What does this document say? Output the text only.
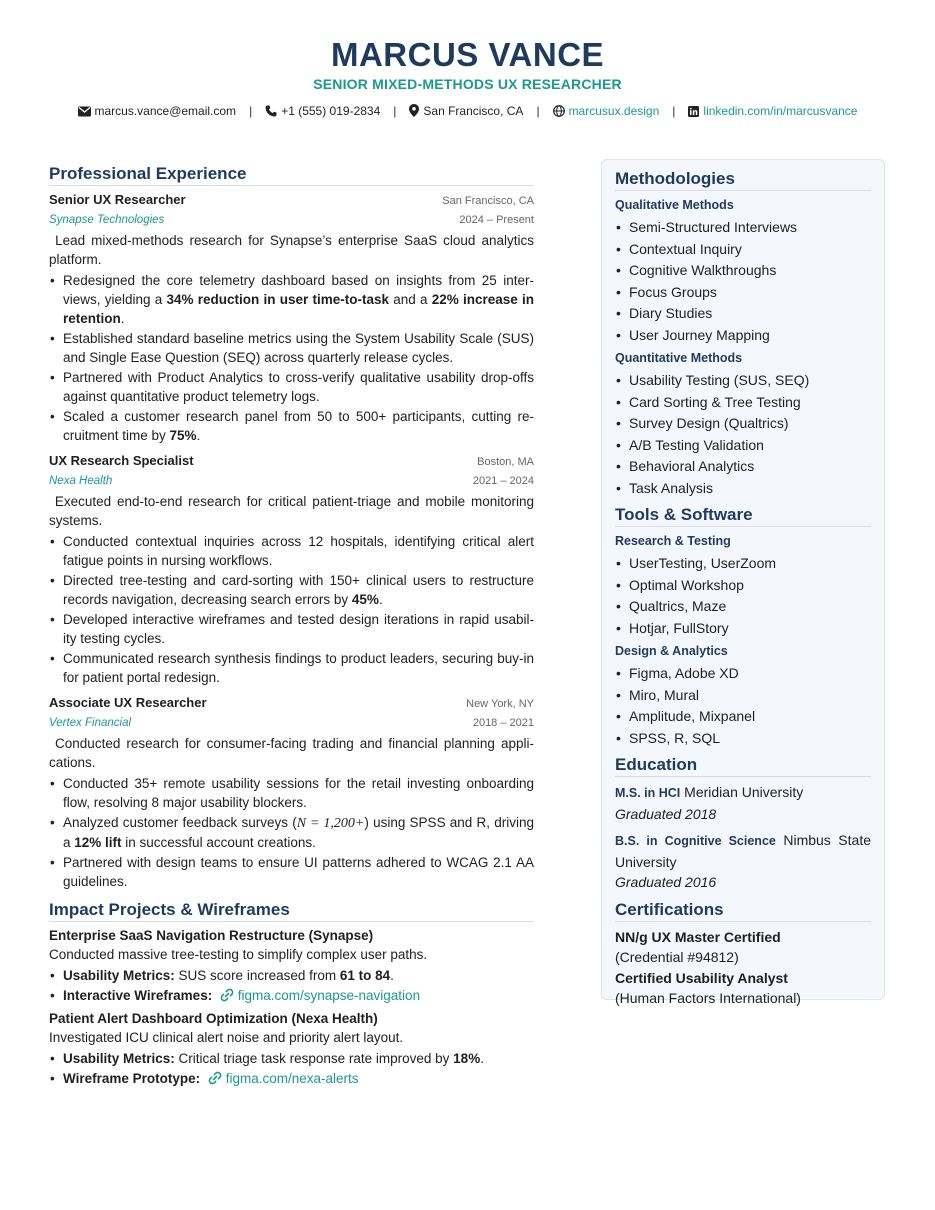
MARCUS VANCE
SENIOR MIXED-METHODS UX RESEARCHER
marcus.vance@email.com | +1 (555) 019-2834 | San Francisco, CA | marcusux.design | linkedin.com/in/marcusvance
Professional Experience
Senior UX Researcher	San Francisco, CA
Synapse Technologies	2024 – Present
Lead mixed-methods research for Synapse’s enterprise SaaS cloud analytics platform.
• Redesigned the core telemetry dashboard based on insights from 25 inter-views, yielding a 34% reduction in user time-to-task and a 22% increase in retention.
• Established standard baseline metrics using the System Usability Scale (SUS) and Single Ease Question (SEQ) across quarterly release cycles.
• Partnered with Product Analytics to cross-verify qualitative usability drop-offs against quantitative product telemetry logs.
• Scaled a customer research panel from 50 to 500+ participants, cutting re-cruitment time by 75%.
UX Research Specialist	Boston, MA
Nexa Health	2021 – 2024
Executed end-to-end research for critical patient-triage and mobile monitoring systems.
• Conducted contextual inquiries across 12 hospitals, identifying critical alert fatigue points in nursing workflows.
• Directed tree-testing and card-sorting with 150+ clinical users to restructure records navigation, decreasing search errors by 45%.
• Developed interactive wireframes and tested design iterations in rapid usabil-ity testing cycles.
• Communicated research synthesis findings to product leaders, securing buy-in for patient portal redesign.
Associate UX Researcher	New York, NY
Vertex Financial	2018 – 2021
Conducted research for consumer-facing trading and financial planning appli-cations.
• Conducted 35+ remote usability sessions for the retail investing onboarding flow, resolving 8 major usability blockers.
• Analyzed customer feedback surveys (N = 1,200+) using SPSS and R, driving a 12% lift in successful account creations.
• Partnered with design teams to ensure UI patterns adhered to WCAG 2.1 AA guidelines.
Impact Projects & Wireframes
Enterprise SaaS Navigation Restructure (Synapse)
Conducted massive tree-testing to simplify complex user paths.
• Usability Metrics: SUS score increased from 61 to 84.
• Interactive Wireframes: figma.com/synapse-navigation
Patient Alert Dashboard Optimization (Nexa Health)
Investigated ICU clinical alert noise and priority alert layout.
• Usability Metrics: Critical triage task response rate improved by 18%.
• Wireframe Prototype: figma.com/nexa-alerts
Methodologies
Qualitative Methods
• Semi-Structured Interviews
• Contextual Inquiry
• Cognitive Walkthroughs
• Focus Groups
• Diary Studies
• User Journey Mapping
Quantitative Methods
• Usability Testing (SUS, SEQ)
• Card Sorting & Tree Testing
• Survey Design (Qualtrics)
• A/B Testing Validation
• Behavioral Analytics
• Task Analysis
Tools & Software
Research & Testing
• UserTesting, UserZoom
• Optimal Workshop
• Qualtrics, Maze
• Hotjar, FullStory
Design & Analytics
• Figma, Adobe XD
• Miro, Mural
• Amplitude, Mixpanel
• SPSS, R, SQL
Education

M.S. in HCI Meridian University

Graduated 2018

B.S. in Cognitive Science Nimbus State University

Graduated 2016

Certifications
NN/g UX Master Certified
(Credential #94812)
Certified Usability Analyst
(Human Factors International)
